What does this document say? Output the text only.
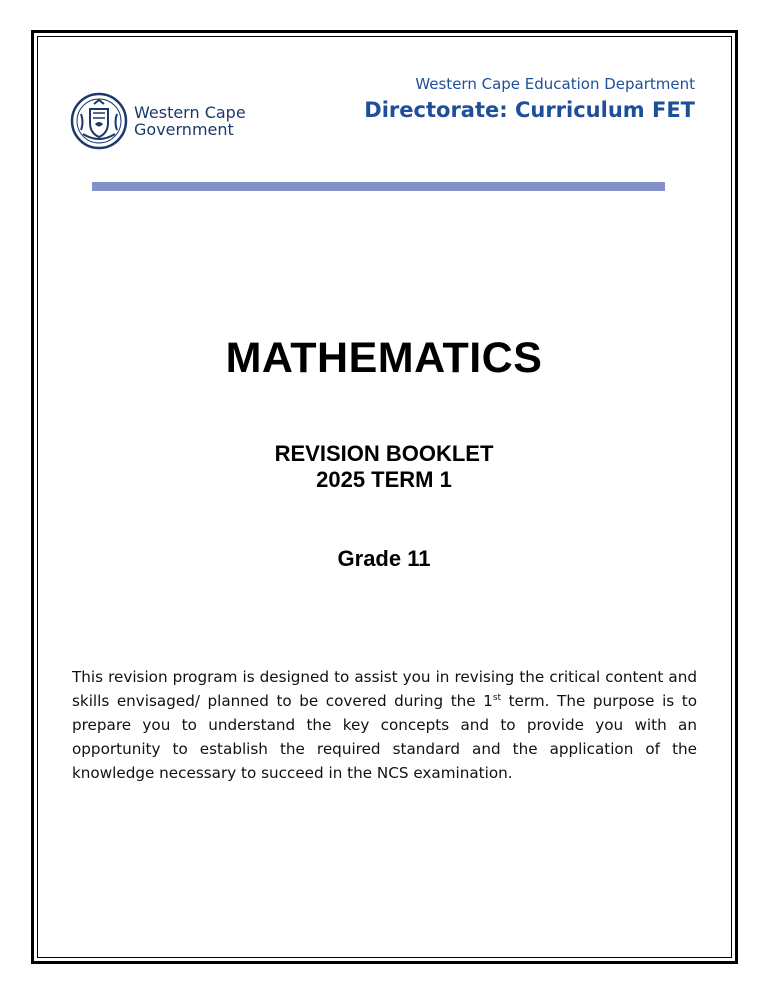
Western Cape
Government
Western Cape Education Department
Directorate: Curriculum FET
MATHEMATICS
REVISION BOOKLET
2025 TERM 1
Grade 11

This revision program is designed to assist you in revising the critical content and skills envisaged/ planned to be covered during the 1st term. The purpose is to prepare you to understand the key concepts and to provide you with an opportunity to establish the required standard and the application of the knowledge necessary to succeed in the NCS examination.
